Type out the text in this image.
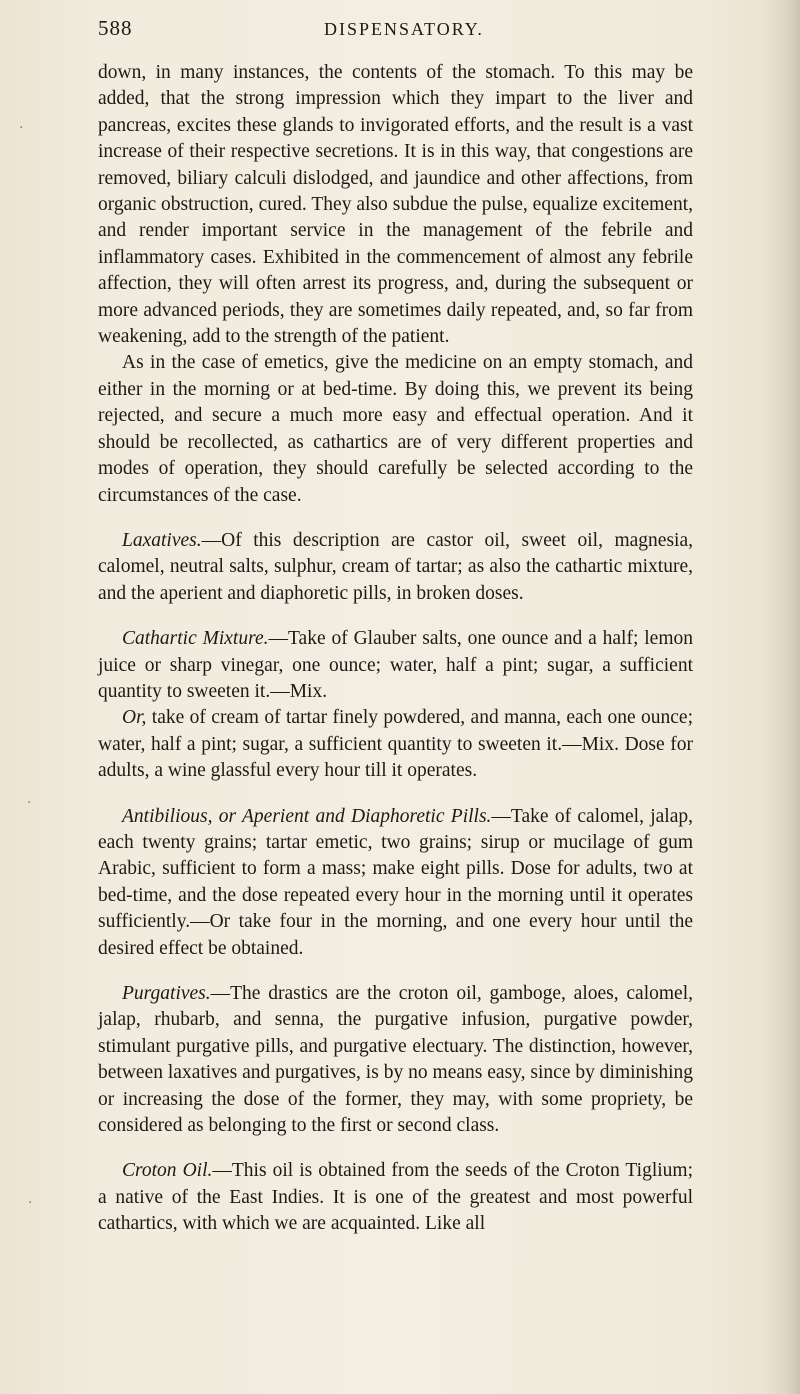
588	DISPENSATORY.

down, in many instances, the contents of the stomach. To this may be added, that the strong impression which they impart to the liver and pancreas, excites these glands to invigorated efforts, and the result is a vast increase of their respective secretions. It is in this way, that congestions are removed, biliary calculi dislodged, and jaundice and other affections, from organic obstruction, cured. They also subdue the pulse, equalize excitement, and render important service in the management of the febrile and inflammatory cases. Exhibited in the commencement of almost any febrile affection, they will often arrest its progress, and, during the subsequent or more advanced periods, they are sometimes daily repeated, and, so far from weakening, add to the strength of the patient.

As in the case of emetics, give the medicine on an empty stomach, and either in the morning or at bed-time. By doing this, we prevent its being rejected, and secure a much more easy and effectual operation. And it should be recollected, as cathartics are of very different properties and modes of operation, they should carefully be selected according to the circumstances of the case.

Laxatives.—Of this description are castor oil, sweet oil, magnesia, calomel, neutral salts, sulphur, cream of tartar; as also the cathartic mixture, and the aperient and diaphoretic pills, in broken doses.

Cathartic Mixture.—Take of Glauber salts, one ounce and a half; lemon juice or sharp vinegar, one ounce; water, half a pint; sugar, a sufficient quantity to sweeten it.—Mix.

Or, take of cream of tartar finely powdered, and manna, each one ounce; water, half a pint; sugar, a sufficient quantity to sweeten it.—Mix. Dose for adults, a wine glassful every hour till it operates.

Antibilious, or Aperient and Diaphoretic Pills.—Take of calomel, jalap, each twenty grains; tartar emetic, two grains; sirup or mucilage of gum Arabic, sufficient to form a mass; make eight pills. Dose for adults, two at bed-time, and the dose repeated every hour in the morning until it operates sufficiently.—Or take four in the morning, and one every hour until the desired effect be obtained.

Purgatives.—The drastics are the croton oil, gamboge, aloes, calomel, jalap, rhubarb, and senna, the purgative infusion, purgative powder, stimulant purgative pills, and purgative electuary. The distinction, however, between laxatives and purgatives, is by no means easy, since by diminishing or increasing the dose of the former, they may, with some propriety, be considered as belonging to the first or second class.

Croton Oil.—This oil is obtained from the seeds of the Croton Tiglium; a native of the East Indies. It is one of the greatest and most powerful cathartics, with which we are acquainted. Like all

·
·
·
